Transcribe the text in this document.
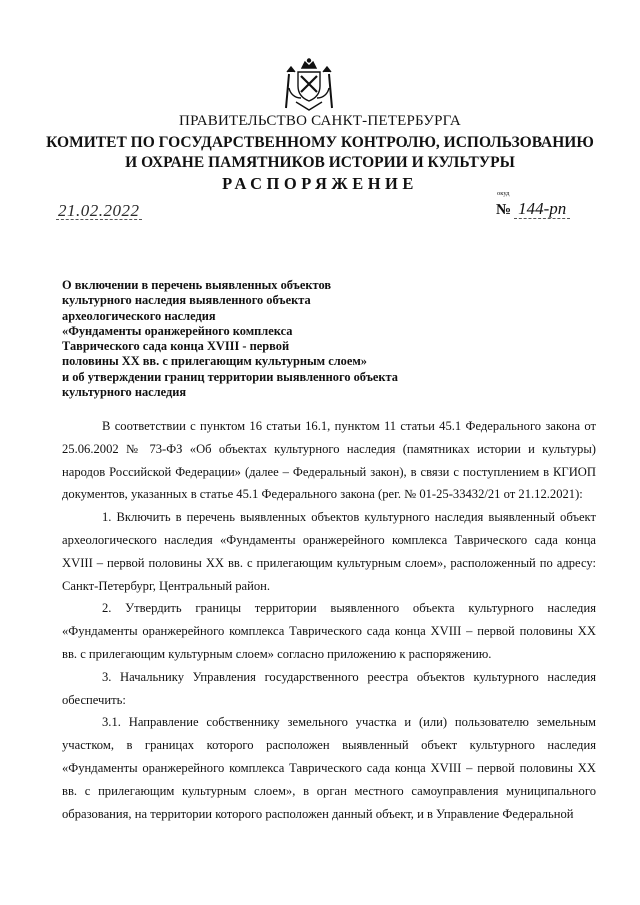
ПРАВИТЕЛЬСТВО САНКТ-ПЕТЕРБУРГА
КОМИТЕТ ПО ГОСУДАРСТВЕННОМУ КОНТРОЛЮ, ИСПОЛЬЗОВАНИЮ
И ОХРАНЕ ПАМЯТНИКОВ ИСТОРИИ И КУЛЬТУРЫ
РАСПОРЯЖЕНИЕ
21.02.2022
окуд
№ 144-рп
О включении в перечень выявленных объектов
культурного наследия выявленного объекта
археологического наследия
«Фундаменты оранжерейного комплекса
Таврического сада конца XVIII - первой
половины XX вв. с прилегающим культурным слоем»
и об утверждении границ территории выявленного объекта
культурного наследия

В соответствии с пунктом 16 статьи 16.1, пунктом 11 статьи 45.1 Федерального закона от 25.06.2002 № 73-ФЗ «Об объектах культурного наследия (памятниках истории и культуры) народов Российской Федерации» (далее – Федеральный закон), в связи с поступлением в КГИОП документов, указанных в статье 45.1 Федерального закона (рег. № 01-25-33432/21 от 21.12.2021):

1. Включить в перечень выявленных объектов культурного наследия выявленный объект археологического наследия «Фундаменты оранжерейного комплекса Таврического сада конца XVIII – первой половины XX вв. с прилегающим культурным слоем», расположенный по адресу: Санкт-Петербург, Центральный район.

2. Утвердить границы территории выявленного объекта культурного наследия «Фундаменты оранжерейного комплекса Таврического сада конца XVIII – первой половины XX вв. с прилегающим культурным слоем» согласно приложению к распоряжению.

3. Начальнику Управления государственного реестра объектов культурного наследия обеспечить:

3.1. Направление собственнику земельного участка и (или) пользователю земельным участком, в границах которого расположен выявленный объект культурного наследия «Фундаменты оранжерейного комплекса Таврического сада конца XVIII – первой половины XX вв. с прилегающим культурным слоем», в орган местного самоуправления муниципального образования, на территории которого расположен данный объект, и в Управление Федеральной
